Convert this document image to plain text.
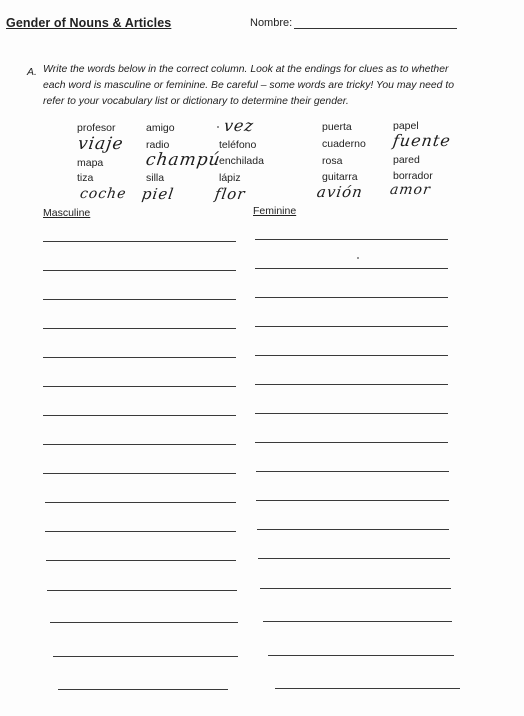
Gender of Nouns & Articles	Nombre:
A. Write the words below in the correct column. Look at the endings for clues as to whether each word is masculine or feminine. Be careful – some words are tricky! You may need to refer to your vocabulary list or dictionary to determine their gender.
profesor
viaje
mapa
tiza
coche
amigo
radio
champú
silla
piel
vez
teléfono
enchilada
lápiz
flor
puerta
cuaderno
rosa
guitarra
avión
papel
fuente
pared
borrador
amor
Masculine	Feminine
